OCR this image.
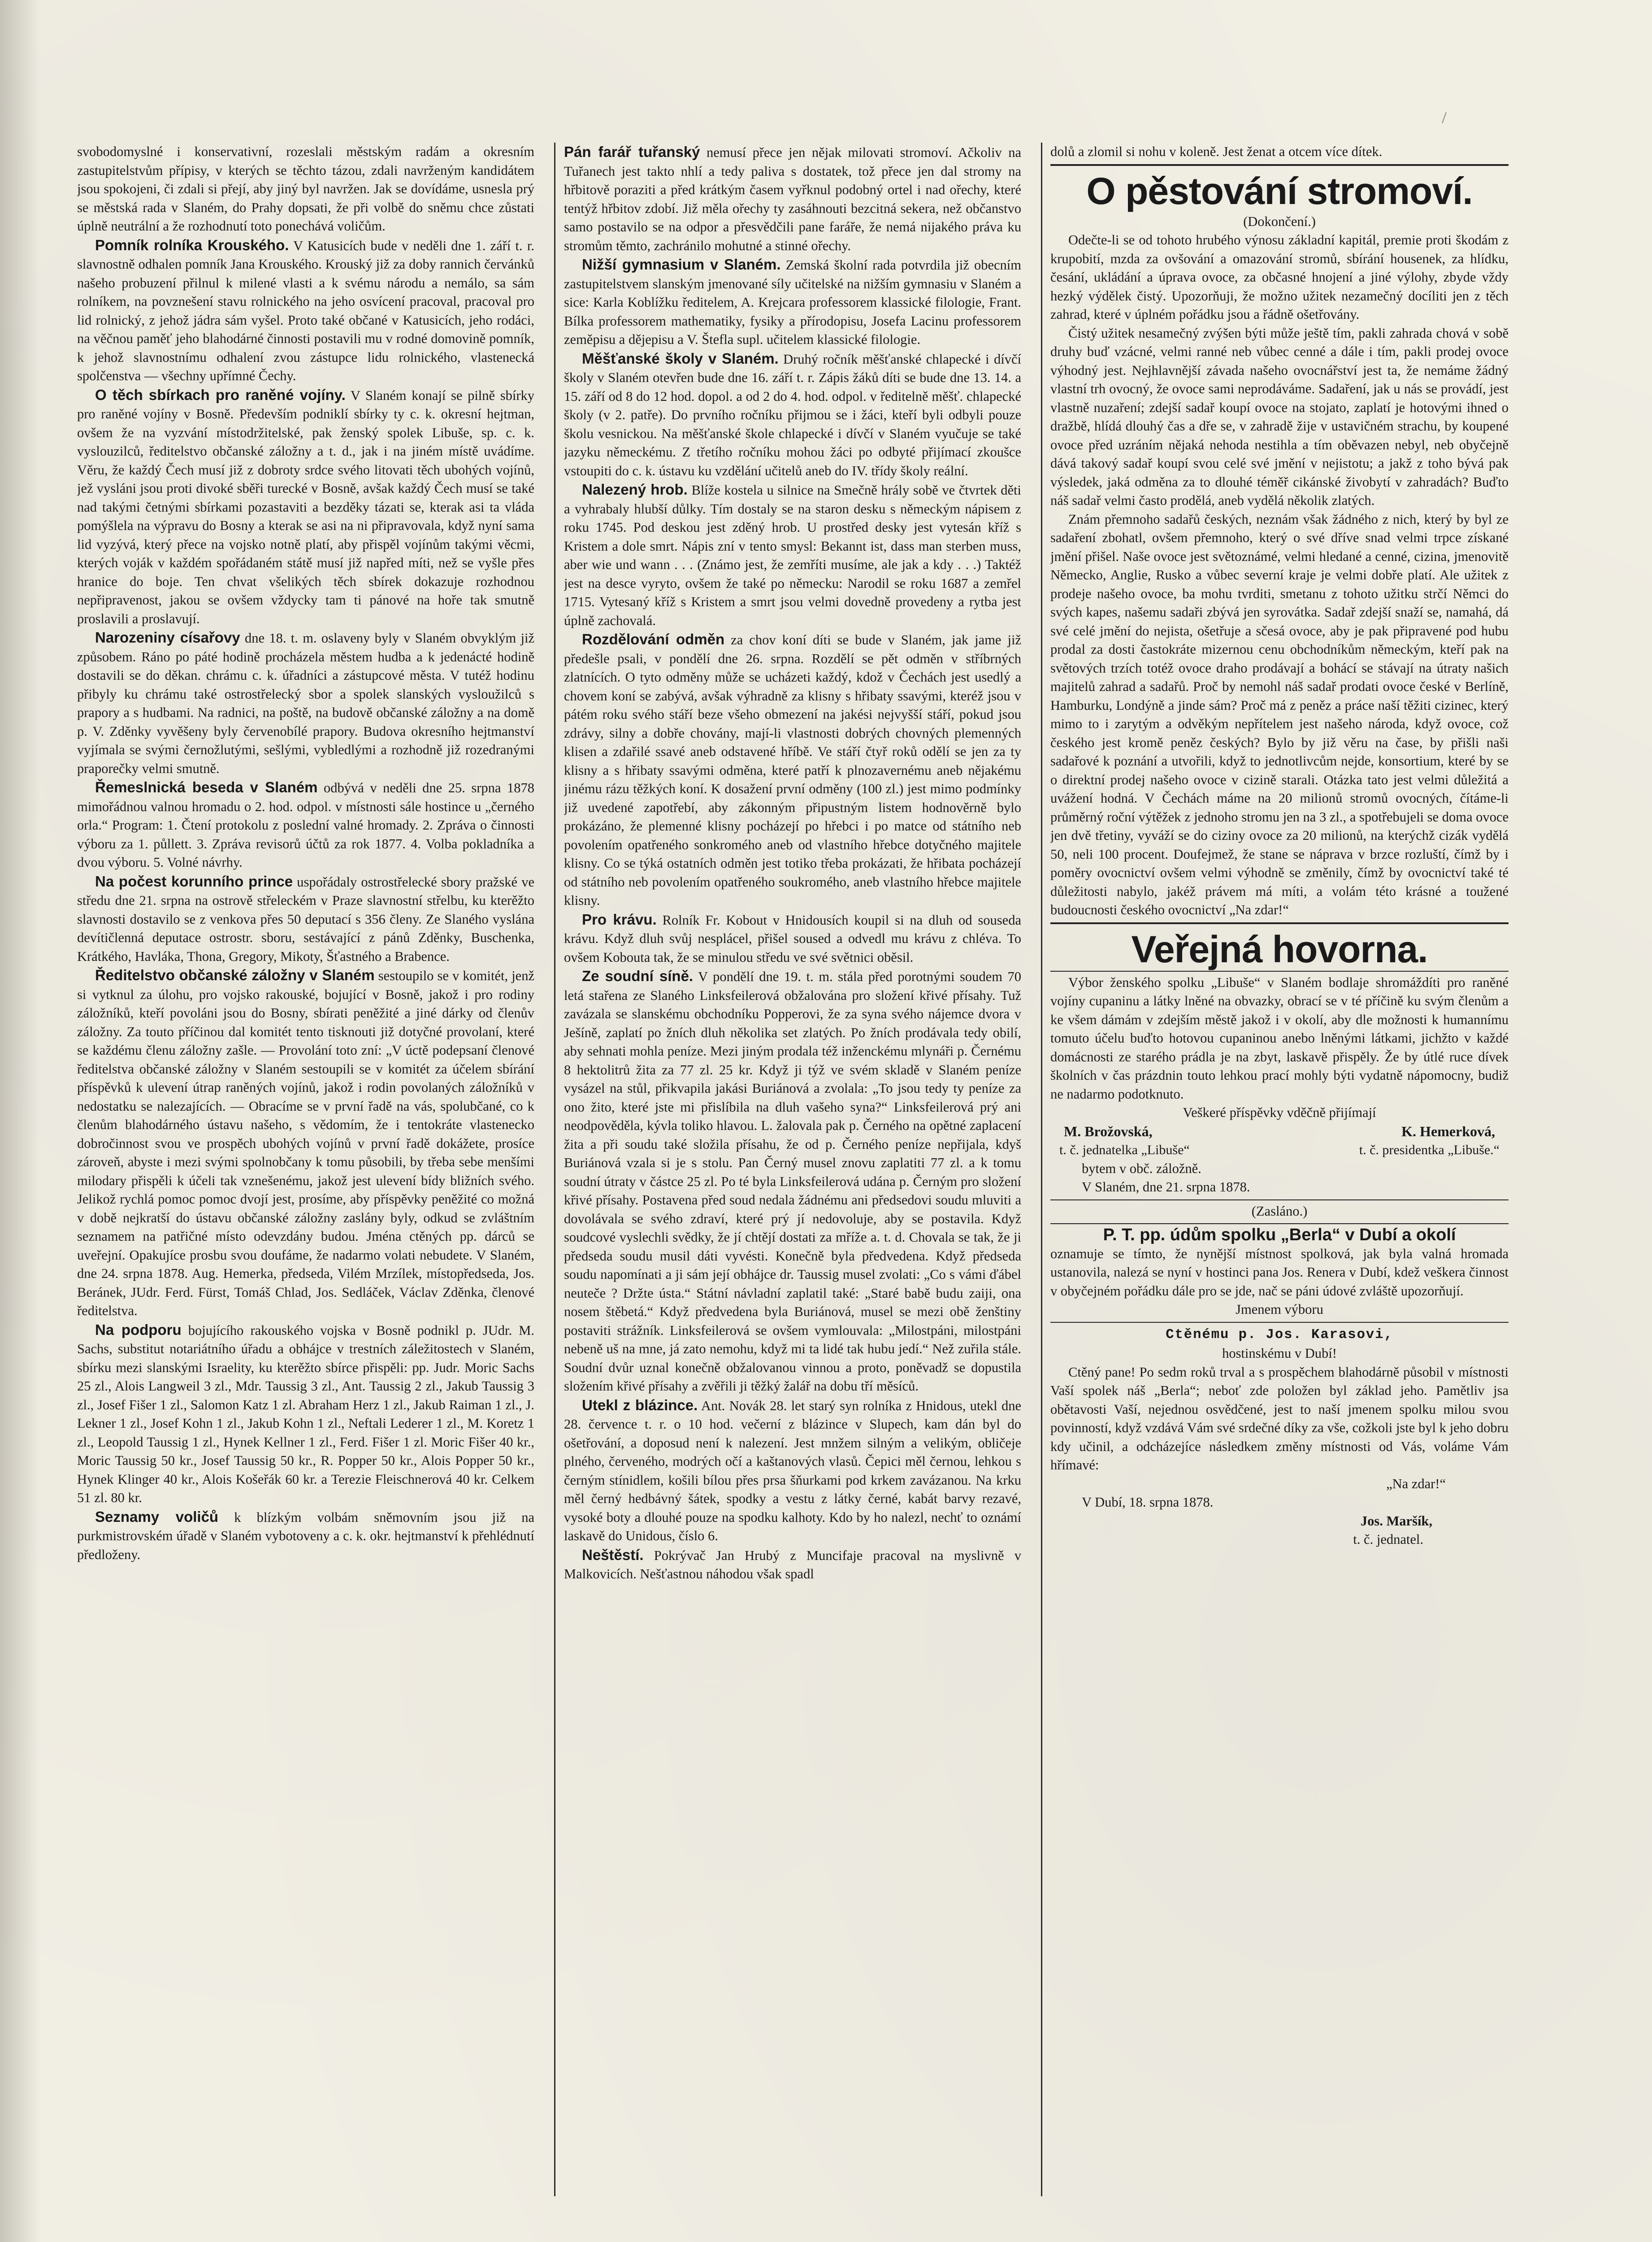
svobodomyslné i konservativní, rozeslali městským radám a okresním zastupitelstvům přípisy, v kterých se těchto tázou, zdali navrženým kandidátem jsou spokojeni, či zdali si přejí, aby jiný byl navržen. Jak se dovídáme, usnesla prý se městská rada v Slaném, do Prahy dopsati, že při volbě do sněmu chce zůstati úplně neutrální a že rozhodnutí toto ponechává voličům.
Pomník rolníka Krouského. V Katusicích bude v neděli dne 1. září t. r. slavnostně odhalen pomník Jana Krouského. Krouský již za doby rannich červánků našeho probuzení přilnul k milené vlasti a k svému národu a nemálo, sa sám rolníkem, na povznešení stavu rolnického na jeho osvícení pracoval, pracoval pro lid rolnický, z jehož jádra sám vyšel. Proto také občané v Katusicích, jeho rodáci, na věčnou paměť jeho blahodárné činnosti postavili mu v rodné domovině pomník, k jehož slavnostnímu odhalení zvou zástupce lidu rolnického, vlastenecká spolčenstva — všechny upřímné Čechy.
O těch sbírkach pro raněné vojíny. V Slaném konají se pilně sbírky pro raněné vojíny v Bosně. Především podniklí sbírky ty c. k. okresní hejtman, ovšem že na vyzvání místodržitelské, pak ženský spolek Libuše, sp. c. k. vyslouzilců, ředitelstvo občanské záložny a t. d., jak i na jiném místě uvádíme. Věru, že každý Čech musí již z dobroty srdce svého litovati těch ubohých vojínů, jež vysláni jsou proti divoké sběři turecké v Bosně, avšak každý Čech musí se také nad takými četnými sbírkami pozastaviti a bezděky tázati se, kterak asi ta vláda pomýšlela na výpravu do Bosny a kterak se asi na ni připravovala, když nyní sama lid vyzývá, který přece na vojsko notně platí, aby přispěl vojínům takými věcmi, kterých voják v každém spořádaném státě musí již napřed míti, než se vyšle přes hranice do boje. Ten chvat všelikých těch sbírek dokazuje rozhodnou nepřipravenost, jakou se ovšem vždycky tam ti pánové na hoře tak smutně proslavili a proslavují.
Narozeniny císařovy dne 18. t. m. oslaveny byly v Slaném obvyklým již způsobem. Ráno po páté hodině procházela městem hudba a k jedenácté hodině dostavili se do děkan. chrámu c. k. úřadníci a zástupcové města. V tutéž hodinu přibyly ku chrámu také ostrostřelecký sbor a spolek slanských vysloužilců s prapory a s hudbami. Na radnici, na poště, na budově občanské záložny a na domě p. V. Zděnky vyvěšeny byly červenobílé prapory. Budova okresního hejtmanství vyjímala se svými černožlutými, sešlými, vybledlými a rozhodně již rozedranými praporečky velmi smutně.
Řemeslnická beseda v Slaném odbývá v neděli dne 25. srpna 1878 mimořádnou valnou hromadu o 2. hod. odpol. v místnosti sále hostince u „černého orla.“ Program: 1. Čtení protokolu z poslední valné hromady. 2. Zpráva o činnosti výboru za 1. půllett. 3. Zpráva revisorů účtů za rok 1877. 4. Volba pokladníka a dvou výboru. 5. Volné návrhy.
Na počest korunního prince uspořádaly ostrostřelecké sbory pražské ve středu dne 21. srpna na ostrově střeleckém v Praze slavnostní střelbu, ku kterěžto slavnosti dostavilo se z venkova přes 50 deputací s 356 členy. Ze Slaného vyslána devítičlenná deputace ostrostr. sboru, sestávající z pánů Zděnky, Buschenka, Krátkého, Havláka, Thona, Gregory, Mikoty, Šťastného a Brabence.
Ředitelstvo občanské záložny v Slaném sestoupilo se v komitét, jenž si vytknul za úlohu, pro vojsko rakouské, bojující v Bosně, jakož i pro rodiny záložníků, kteří povoláni jsou do Bosny, sbírati peněžité a jiné dárky od členův záložny. Za touto příčinou dal komitét tento tisknouti již dotyčné provolaní, které se každému členu záložny zašle. — Provolání toto zní: „V úctě podepsaní členové ředitelstva občanské záložny v Slaném sestoupili se v komitét za účelem sbírání příspěvků k ulevení útrap raněných vojínů, jakož i rodin povolaných záložníků v nedostatku se nalezajících. — Obracíme se v první řadě na vás, spolubčané, co k členům blahodárného ústavu našeho, s vědomím, že i tentokráte vlastenecko dobročinnost svou ve prospěch ubohých vojínů v první řadě dokážete, prosíce zároveň, abyste i mezi svými spolnobčany k tomu působili, by třeba sebe menšími milodary přispěli k účeli tak vznešenému, jakož jest ulevení bídy bližních svého. Jelikož rychlá pomoc pomoc dvojí jest, prosíme, aby příspěvky peněžité co možná v době nejkratší do ústavu občanské záložny zaslány byly, odkud se zvláštním seznamem na patřičné místo odevzdány budou. Jména ctěných pp. dárců se uveřejní. Opakujíce prosbu svou doufáme, že nadarmo volati nebudete. V Slaném, dne 24. srpna 1878. Aug. Hemerka, předseda, Vilém Mrzílek, místopředseda, Jos. Beránek, JUdr. Ferd. Fürst, Tomáš Chlad, Jos. Sedláček, Václav Zděnka, členové ředitelstva.
Na podporu bojujícího rakouského vojska v Bosně podnikl p. JUdr. M. Sachs, substitut notariátního úřadu a obhájce v trestních záležitostech v Slaném, sbírku mezi slanskými Israelity, ku kterěžto sbírce přispěli: pp. Judr. Moric Sachs 25 zl., Alois Langweil 3 zl., Mdr. Taussig 3 zl., Ant. Taussig 2 zl., Jakub Taussig 3 zl., Josef Fišer 1 zl., Salomon Katz 1 zl. Abraham Herz 1 zl., Jakub Raiman 1 zl., J. Lekner 1 zl., Josef Kohn 1 zl., Jakub Kohn 1 zl., Neftali Lederer 1 zl., M. Koretz 1 zl., Leopold Taussig 1 zl., Hynek Kellner 1 zl., Ferd. Fišer 1 zl. Moric Fišer 40 kr., Moric Taussig 50 kr., Josef Taussig 50 kr., R. Popper 50 kr., Alois Popper 50 kr., Hynek Klinger 40 kr., Alois Košeřák 60 kr. a Terezie Fleischnerová 40 kr. Celkem 51 zl. 80 kr.
Seznamy voličů k blízkým volbám sněmovním jsou již na purkmistrovském úřadě v Slaném vybotoveny a c. k. okr. hejtmanství k přehlédnutí předloženy.
Pán farář tuřanský nemusí přece jen nějak milovati stromoví. Ačkoliv na Tuřanech jest takto nhlí a tedy paliva s dostatek, tož přece jen dal stromy na hřbitově poraziti a před krátkým časem vyřknul podobný ortel i nad ořechy, které tentýž hřbitov zdobí. Již měla ořechy ty zasáhnouti bezcitná sekera, než občanstvo samo postavilo se na odpor a přesvědčili pane faráře, že nemá nijakého práva ku stromům těmto, zachránilo mohutné a stinné ořechy.
Nižší gymnasium v Slaném. Zemská školní rada potvrdila již obecním zastupitelstvem slanským jmenované síly učitelské na nižším gymnasiu v Slaném a sice: Karla Koblížku ředitelem, A. Krejcara professorem klassické filologie, Frant. Bílka professorem mathematiky, fysiky a přírodopisu, Josefa Lacinu professorem zeměpisu a dějepisu a V. Štefla supl. učitelem klassické filologie.
Měšťanské školy v Slaném. Druhý ročník měšťanské chlapecké i dívčí školy v Slaném otevřen bude dne 16. září t. r. Zápis žáků díti se bude dne 13. 14. a 15. září od 8 do 12 hod. dopol. a od 2 do 4. hod. odpol. v ředitelně měšť. chlapecké školy (v 2. patře). Do prvního ročníku přijmou se i žáci, kteří byli odbyli pouze školu vesnickou. Na měšťanské škole chlapecké i dívčí v Slaném vyučuje se také jazyku německému. Z třetího ročníku mohou žáci po odbyté přijímací zkoušce vstoupiti do c. k. ústavu ku vzdělání učitelů aneb do IV. třídy školy reální.
Nalezený hrob. Blíže kostela u silnice na Smečně hrály sobě ve čtvrtek děti a vyhrabaly hlubší důlky. Tím dostaly se na staron desku s německým nápisem z roku 1745. Pod deskou jest zděný hrob. U prostřed desky jest vytesán kříž s Kristem a dole smrt. Nápis zní v tento smysl: Bekannt ist, dass man sterben muss, aber wie und wann . . . (Známo jest, že zemříti musíme, ale jak a kdy . . .) Taktéž jest na desce vyryto, ovšem že také po německu: Narodil se roku 1687 a zemřel 1715. Vytesaný kříž s Kristem a smrt jsou velmi dovedně provedeny a rytba jest úplně zachovalá.
Rozdělování odměn za chov koní díti se bude v Slaném, jak jame již předešle psali, v pondělí dne 26. srpna. Rozdělí se pět odměn v stříbrných zlatnících. O tyto odměny může se ucházeti každý, kdož v Čechách jest usedlý a chovem koní se zabývá, avšak výhradně za klisny s hřibaty ssavými, kteréž jsou v pátém roku svého stáří beze všeho obmezení na jakési nejvyšší stáří, pokud jsou zdrávy, silny a dobře chovány, mají-li vlastnosti dobrých chovných plemenných klisen a zdařilé ssavé aneb odstavené hříbě. Ve stáří čtyř roků odělí se jen za ty klisny a s hřibaty ssavými odměna, které patří k plnozavernému aneb nějakému jinému rázu těžkých koní. K dosažení první odměny (100 zl.) jest mimo podmínky již uvedené zapotřebí, aby zákonným připustným listem hodnověrně bylo prokázáno, že plemenné klisny pocházejí po hřebci i po matce od státního neb povolením opatřeného sonkromého aneb od vlastního hřebce dotyčného majitele klisny. Co se týká ostatních odměn jest totiko třeba prokázati, že hřibata pocházejí od státního neb povolením opatřeného soukromého, aneb vlastního hřebce majitele klisny.
Pro krávu. Rolník Fr. Kobout v Hnidousích koupil si na dluh od souseda krávu. Když dluh svůj nesplácel, přišel soused a odvedl mu krávu z chléva. To ovšem Kobouta tak, že se minulou středu ve své světnici oběsil.
Ze soudní síně. V pondělí dne 19. t. m. stála před porotnými soudem 70 letá stařena ze Slaného Linksfeilerová obžalována pro složení křivé přísahy. Tuž zavázala se slanskému obchodníku Popperovi, že za syna svého nájemce dvora v Ješíně, zaplatí po žních dluh několika set zlatých. Po žních prodávala tedy obilí, aby sehnati mohla peníze. Mezi jiným prodala též inženckému mlynáři p. Černému 8 hektolitrů žita za 77 zl. 25 kr. Když ji týž ve svém skladě v Slaném peníze vysázel na stůl, přikvapila jakási Buriánová a zvolala: „To jsou tedy ty peníze za ono žito, které jste mi přislíbila na dluh vašeho syna?“ Linksfeilerová prý ani neodpověděla, kývla toliko hlavou. L. žalovala pak p. Černého na opětné zaplacení žita a při soudu také složila přísahu, že od p. Černého peníze nepřijala, kdyš Buriánová vzala si je s stolu. Pan Černý musel znovu zaplatiti 77 zl. a k tomu soudní útraty v částce 25 zl. Po té byla Linksfeilerová udána p. Černým pro složení křivé přísahy. Postavena před soud nedala žádnému ani předsedovi soudu mluviti a dovolávala se svého zdraví, které prý jí nedovoluje, aby se postavila. Když soudcové vyslechli svědky, že jí chtějí dostati za mříže a. t. d. Chovala se tak, že ji předseda soudu musil dáti vyvésti. Konečně byla předvedena. Když předseda soudu napomínati a ji sám její obhájce dr. Taussig musel zvolati: „Co s vámi ďábel neuteče ? Držte ústa.“ Státní návladní zaplatil také: „Staré babě budu zaiji, ona nosem štěbetá.“ Když předvedena byla Buriánová, musel se mezi obě ženštiny postaviti strážník. Linksfeilerová se ovšem vymlouvala: „Milostpáni, milostpáni nebeně uš na mne, já zato nemohu, když mi ta lidé tak hubu jedí.“ Než zuřila stále. Soudní dvůr uznal konečně obžalovanou vinnou a proto, poněvadž se dopustila složením křivé přísahy a zvěřili ji těžký žalář na dobu tří měsíců.
Utekl z blázince. Ant. Novák 28. let starý syn rolníka z Hnidous, utekl dne 28. července t. r. o 10 hod. večerní z blázince v Slupech, kam dán byl do ošetřování, a doposud není k nalezení. Jest mnžem silným a velikým, obličeje plného, červeného, modrých očí a kaštanových vlasů. Čepici měl černou, lehkou s černým stínidlem, košili bílou přes prsa šňurkami pod krkem zavázanou. Na krku měl černý hedbávný šátek, spodky a vestu z látky černé, kabát barvy rezavé, vysoké boty a dlouhé pouze na spodku kalhoty. Kdo by ho nalezl, nechť to oznámí laskavě do Unidous, číslo 6.
Neštěstí. Pokrývač Jan Hrubý z Muncifaje pracoval na myslivně v Malkovicích. Nešťastnou náhodou však spadl
dolů a zlomil si nohu v koleně. Jest ženat a otcem více dítek.
O pěstování stromoví.
(Dokončení.)
Odečte-li se od tohoto hrubého výnosu základní kapitál, premie proti škodám z krupobití, mzda za ovšování a omazování stromů, sbírání housenek, za hlídku, česání, ukládání a úprava ovoce, za občasné hnojení a jiné výlohy, zbyde vždy hezký výdělek čistý. Upozorňuji, že možno užitek nezamečný docíliti jen z těch zahrad, které v úplném pořádku jsou a řádně ošetřovány.
Čistý užitek nesamečný zvýšen býti může ještě tím, pakli zahrada chová v sobě druhy buď vzácné, velmi ranné neb vůbec cenné a dále i tím, pakli prodej ovoce výhodný jest. Nejhlavnější závada našeho ovocnářství jest ta, že nemáme žádný vlastní trh ovocný, že ovoce sami neprodáváme. Sadaření, jak u nás se provádí, jest vlastně nuzaření; zdejší sadař koupí ovoce na stojato, zaplatí je hotovými ihned o dražbě, hlídá dlouhý čas a dře se, v zahradě žije v ustavičném strachu, by koupené ovoce před uzráním nějaká nehoda nestihla a tím oběvazen nebyl, neb obyčejně dává takový sadař koupí svou celé své jmění v nejistotu; a jakž z toho bývá pak výsledek, jaká odměna za to dlouhé téměř cikánské živobytí v zahradách? Buďto náš sadař velmi často prodělá, aneb vydělá několik zlatých.
Znám přemnoho sadařů českých, neznám však žádného z nich, který by byl ze sadaření zbohatl, ovšem přemnoho, který o své dříve snad velmi trpce získané jmění přišel. Naše ovoce jest světoznámé, velmi hledané a cenné, cizina, jmenovitě Německo, Anglie, Rusko a vůbec severní kraje je velmi dobře platí. Ale užitek z prodeje našeho ovoce, ba mohu tvrditi, smetanu z tohoto užitku strčí Němci do svých kapes, našemu sadaři zbývá jen syrovátka. Sadař zdejší snaží se, namahá, dá své celé jmění do nejista, ošetřuje a sčesá ovoce, aby je pak připravené pod hubu prodal za dosti častokráte mizernou cenu obchodníkům německým, kteří pak na světových trzích totéž ovoce draho prodávají a bohácí se stávají na útraty našich majitelů zahrad a sadařů. Proč by nemohl náš sadař prodati ovoce české v Berlíně, Hamburku, Londýně a jinde sám? Proč má z peněz a práce naší těžiti cizinec, který mimo to i zarytým a odvěkým nepřítelem jest našeho národa, když ovoce, což českého jest kromě peněz českých? Bylo by již věru na čase, by přišli naši sadařové k poznání a utvořili, když to jednotlivcům nejde, konsortium, které by se o direktní prodej našeho ovoce v cizině starali. Otázka tato jest velmi důležitá a uvážení hodná. V Čechách máme na 20 milionů stromů ovocných, čítáme-li průměrný roční výtěžek z jednoho stromu jen na 3 zl., a spotřebujeli se doma ovoce jen dvě třetiny, vyváží se do ciziny ovoce za 20 milionů, na kterýchž cizák vydělá 50, neli 100 procent. Doufejmež, že stane se náprava v brzce rozluští, čímž by i poměry ovocnictví ovšem velmi výhodně se změnily, čímž by ovocnictví také té důležitosti nabylo, jakéž právem má míti, a volám této krásné a toužené budoucnosti českého ovocnictví „Na zdar!“
Veřejná hovorna.
Výbor ženského spolku „Libuše“ v Slaném bodlaje shromáždíti pro raněné vojíny cupaninu a látky lněné na obvazky, obrací se v té příčině ku svým členům a ke všem dámám v zdejším městě jakož i v okolí, aby dle možnosti k humannímu tomuto účelu buďto hotovou cupaninou anebo lněnými látkami, jichžto v každé domácnosti ze starého prádla je na zbyt, laskavě přispěly. Že by útlé ruce dívek školních v čas prázdnin touto lehkou prací mohly býti vydatně nápomocny, budiž ne nadarmo podotknuto.
Veškeré příspěvky vděčně přijímají
M. Brožovská,	K. Hemerková,
t. č. jednatelka „Libuše“	t. č. presidentka „Libuše.“
bytem v obč. záložně.
V Slaném, dne 21. srpna 1878.
(Zasláno.)
P. T. pp. údům spolku „Berla“ v Dubí a okolí
oznamuje se tímto, že nynější místnost spolková, jak byla valná hromada ustanovila, nalezá se nyní v hostinci pana Jos. Renera v Dubí, kdež veškera činnost v obyčejném pořádku dále pro se jde, nač se páni údové zvláště upozorňují.
Jmenem výboru
Ctěnému p. Jos. Karasovi,
hostinskému v Dubí!
Ctěný pane! Po sedm roků trval a s prospěchem blahodárně působil v místnosti Vaší spolek náš „Berla“; neboť zde položen byl základ jeho. Pamětliv jsa obětavosti Vaší, nejednou osvědčené, jest to naší jmenem spolku milou svou povinností, když vzdává Vám své srdečné díky za vše, cožkoli jste byl k jeho dobru kdy učinil, a odcházejíce následkem změny místnosti od Vás, voláme Vám hřímavé:
„Na zdar!“
V Dubí, 18. srpna 1878.
Jos. Maršík,
t. č. jednatel.
